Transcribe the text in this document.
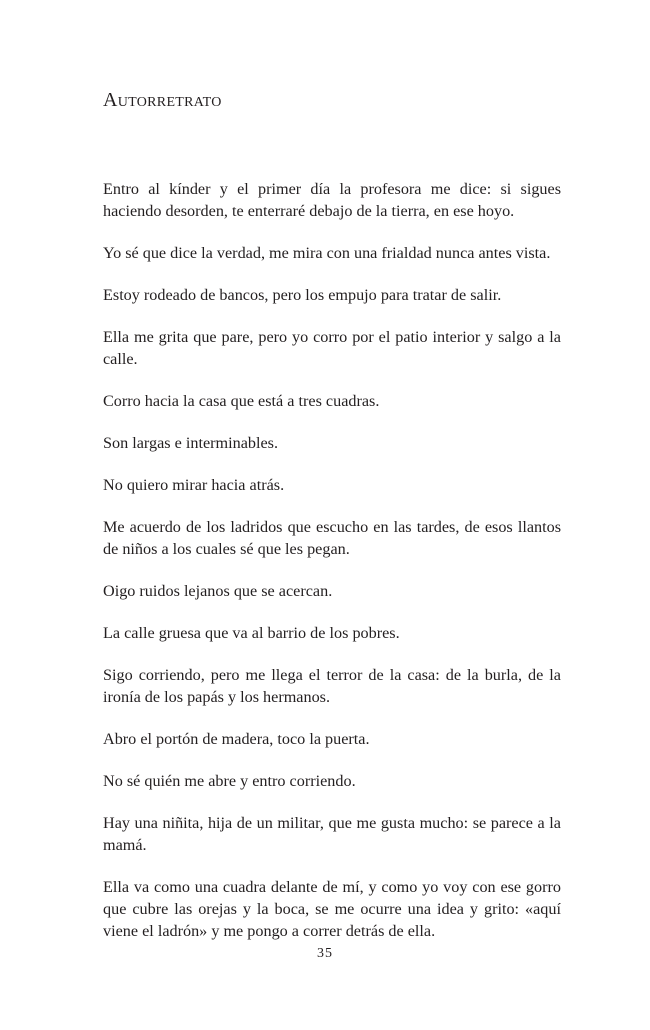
Autorretrato

Entro al kínder y el primer día la profesora me dice: si sigues haciendo desorden, te enterraré debajo de la tierra, en ese hoyo.

Yo sé que dice la verdad, me mira con una frialdad nunca antes vista.

Estoy rodeado de bancos, pero los empujo para tratar de salir.

Ella me grita que pare, pero yo corro por el patio interior y salgo a la calle.

Corro hacia la casa que está a tres cuadras.

Son largas e interminables.

No quiero mirar hacia atrás.

Me acuerdo de los ladridos que escucho en las tardes, de esos llantos de niños a los cuales sé que les pegan.

Oigo ruidos lejanos que se acercan.

La calle gruesa que va al barrio de los pobres.

Sigo corriendo, pero me llega el terror de la casa: de la burla, de la ironía de los papás y los hermanos.

Abro el portón de madera, toco la puerta.

No sé quién me abre y entro corriendo.

Hay una niñita, hija de un militar, que me gusta mucho: se parece a la mamá.

Ella va como una cuadra delante de mí, y como yo voy con ese gorro que cubre las orejas y la boca, se me ocurre una idea y grito: «aquí viene el ladrón» y me pongo a correr detrás de ella.

35
